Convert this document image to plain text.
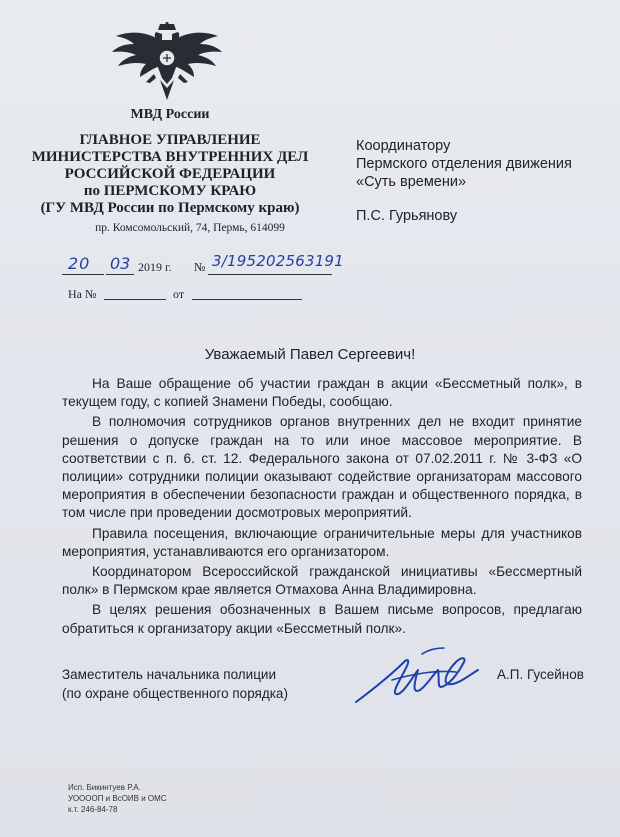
МВД России
ГЛАВНОЕ УПРАВЛЕНИЕ
МИНИСТЕРСТВА ВНУТРЕННИХ ДЕЛ
РОССИЙСКОЙ ФЕДЕРАЦИИ
по ПЕРМСКОМУ КРАЮ
(ГУ МВД России по Пермскому краю)
пр. Комсомольский, 74, Пермь, 614099
20 03 2019 г. № 3/195202563191
На №	от
Координатору
Пермского отделения движения
«Суть времени»
П.С. Гурьянову
Уважаемый Павел Сергеевич!

На Ваше обращение об участии граждан в акции «Бессметный полк», в текущем году, с копией Знамени Победы, сообщаю.

В полномочия сотрудников органов внутренних дел не входит принятие решения о допуске граждан на то или иное массовое мероприятие. В соответствии с п. 6. ст. 12. Федерального закона от 07.02.2011 г. № 3-ФЗ «О полиции» сотрудники полиции оказывают содействие организаторам массового мероприятия в обеспечении безопасности граждан и общественного порядка, в том числе при проведении досмотровых мероприятий.

Правила посещения, включающие ограничительные меры для участников мероприятия, устанавливаются его организатором.

Координатором Всероссийской гражданской инициативы «Бессмертный полк» в Пермском крае является Отмахова Анна Владимировна.

В целях решения обозначенных в Вашем письме вопросов, предлагаю обратиться к организатору акции «Бессметный полк».

Заместитель начальника полиции
(по охране общественного порядка)
А.П. Гусейнов
Исп. Бикинтуев Р.А.
УООООП и ВсОИВ и ОМС
к.т. 246-84-78
